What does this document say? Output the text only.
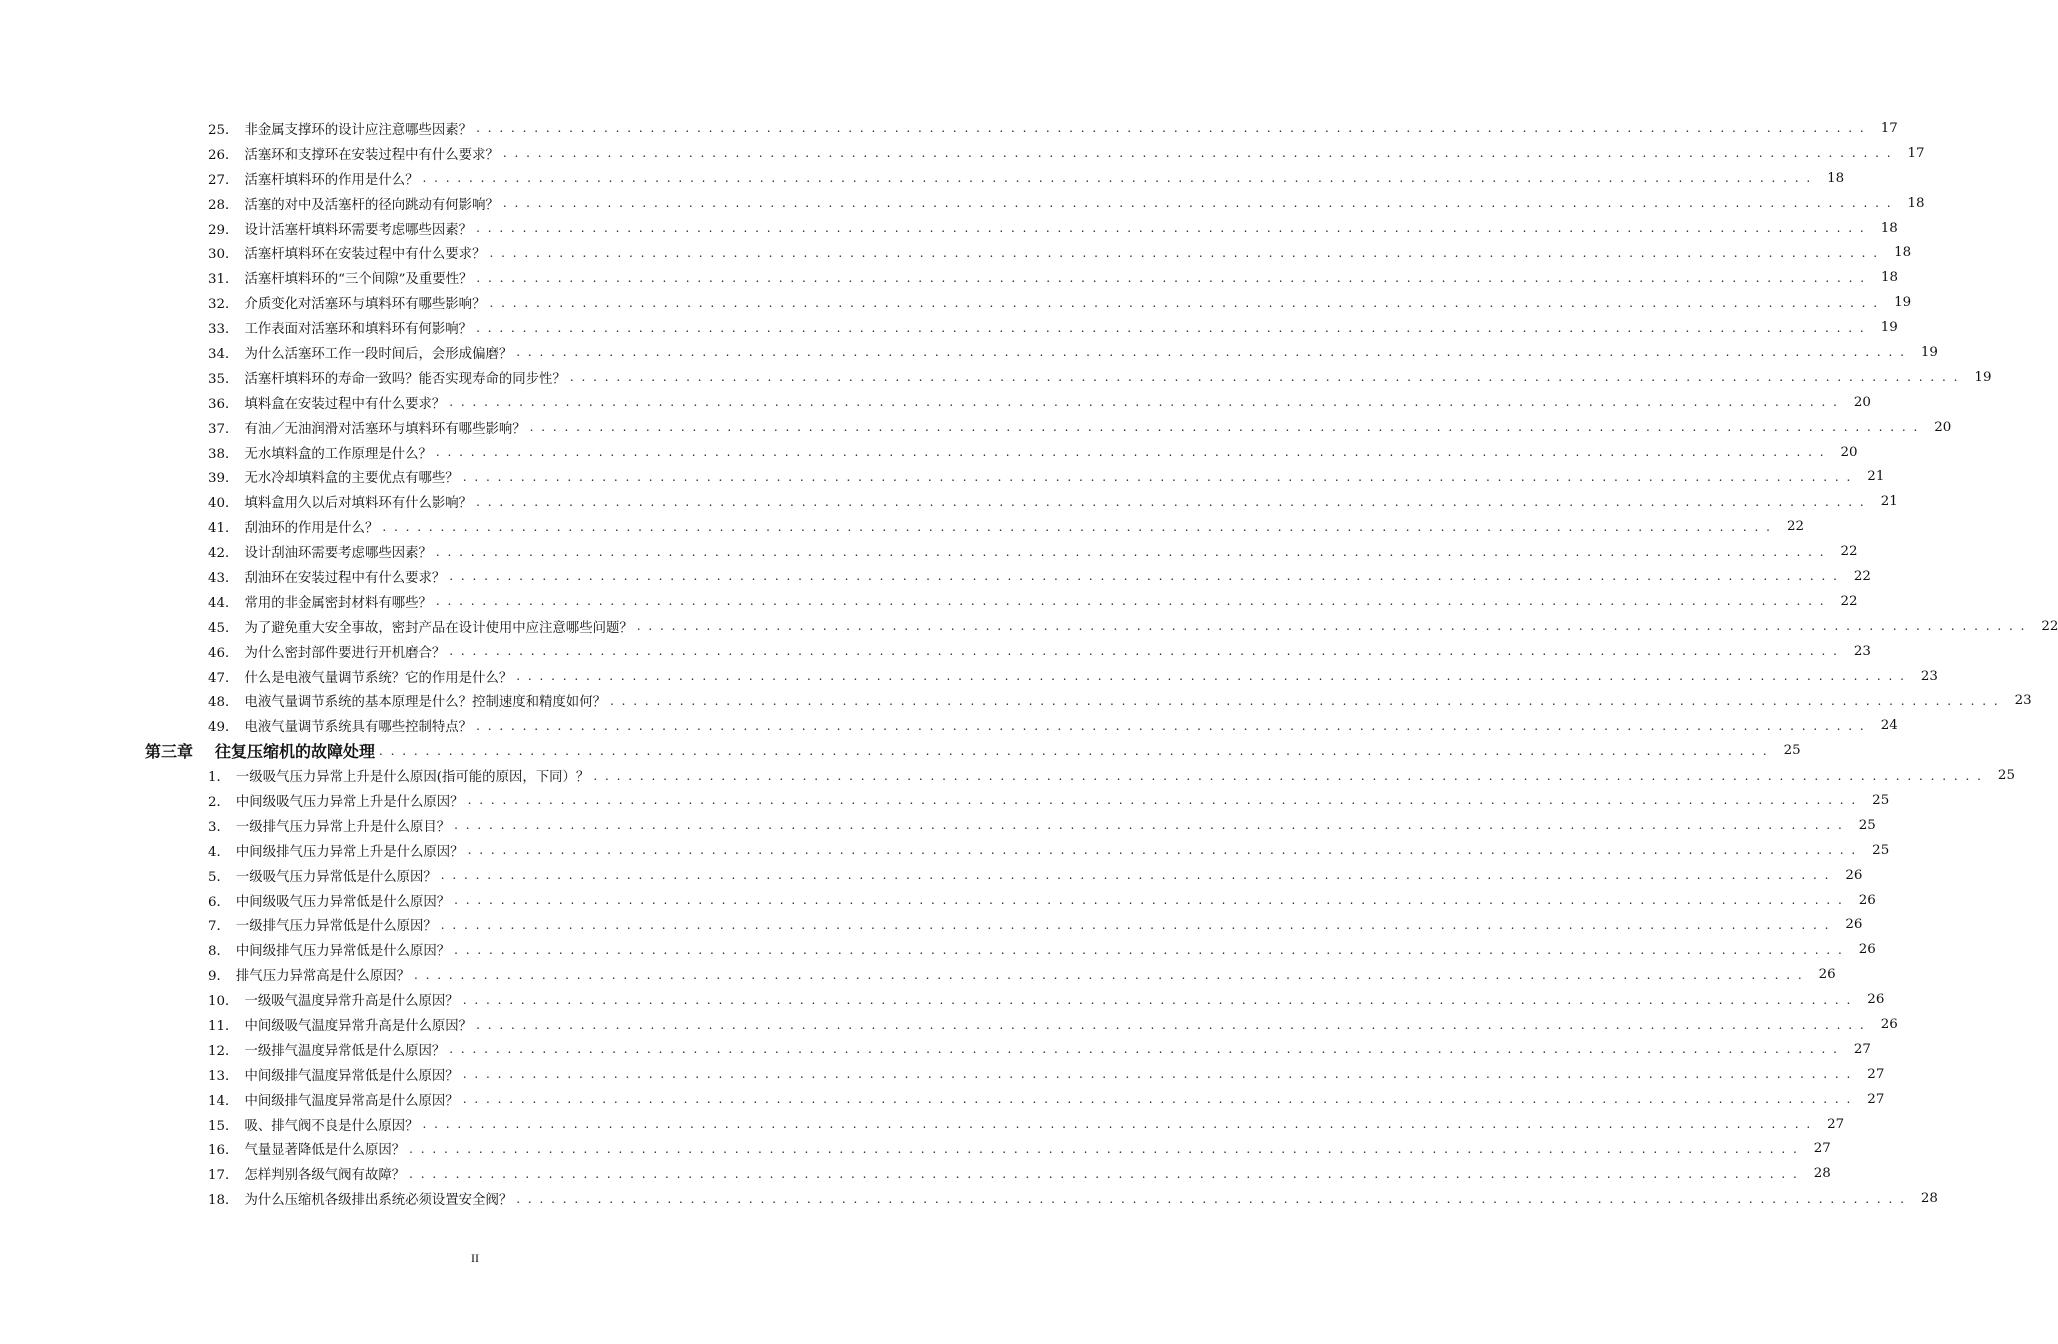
25． 非金属支撑环的设计应注意哪些因素？ . . . . . . . . . . . . . . . . . . . . . . . . . . . . . . . . . . . . . . . . . . . . . . . . . . . . . . . . . . . . . . . . . . . . . . . . . . . . . . . . . . . . . . . . . . . . . . . . . . . . . . . . . . . . . . . . . . . . . . . .	17
26． 活塞环和支撑环在安装过程中有什么要求？ . . . . . . . . . . . . . . . . . . . . . . . . . . . . . . . . . . . . . . . . . . . . . . . . . . . . . . . . . . . . . . . . . . . . . . . . . . . . . . . . . . . . . . . . . . . . . . . . . . . . . . . . . . . . . . . . . . . . . . . .	17
27． 活塞杆填料环的作用是什么？ . . . . . . . . . . . . . . . . . . . . . . . . . . . . . . . . . . . . . . . . . . . . . . . . . . . . . . . . . . . . . . . . . . . . . . . . . . . . . . . . . . . . . . . . . . . . . . . . . . . . . . . . . . . . . . . . . . . . . . . .	18
28． 活塞的对中及活塞杆的径向跳动有何影响？ . . . . . . . . . . . . . . . . . . . . . . . . . . . . . . . . . . . . . . . . . . . . . . . . . . . . . . . . . . . . . . . . . . . . . . . . . . . . . . . . . . . . . . . . . . . . . . . . . . . . . . . . . . . . . . . . . . . . . . . .	18
29． 设计活塞杆填料环需要考虑哪些因素？ . . . . . . . . . . . . . . . . . . . . . . . . . . . . . . . . . . . . . . . . . . . . . . . . . . . . . . . . . . . . . . . . . . . . . . . . . . . . . . . . . . . . . . . . . . . . . . . . . . . . . . . . . . . . . . . . . . . . . . . .	18
30． 活塞杆填料环在安装过程中有什么要求？ . . . . . . . . . . . . . . . . . . . . . . . . . . . . . . . . . . . . . . . . . . . . . . . . . . . . . . . . . . . . . . . . . . . . . . . . . . . . . . . . . . . . . . . . . . . . . . . . . . . . . . . . . . . . . . . . . . . . . . . .	18
31． 活塞杆填料环的“三个间隙”及重要性？ . . . . . . . . . . . . . . . . . . . . . . . . . . . . . . . . . . . . . . . . . . . . . . . . . . . . . . . . . . . . . . . . . . . . . . . . . . . . . . . . . . . . . . . . . . . . . . . . . . . . . . . . . . . . . . . . . . . . . . . .	18
32． 介质变化对活塞环与填料环有哪些影响？ . . . . . . . . . . . . . . . . . . . . . . . . . . . . . . . . . . . . . . . . . . . . . . . . . . . . . . . . . . . . . . . . . . . . . . . . . . . . . . . . . . . . . . . . . . . . . . . . . . . . . . . . . . . . . . . . . . . . . . . .	19
33． 工作表面对活塞环和填料环有何影响？ . . . . . . . . . . . . . . . . . . . . . . . . . . . . . . . . . . . . . . . . . . . . . . . . . . . . . . . . . . . . . . . . . . . . . . . . . . . . . . . . . . . . . . . . . . . . . . . . . . . . . . . . . . . . . . . . . . . . . . . .	19
34． 为什么活塞环工作一段时间后，会形成偏磨？ . . . . . . . . . . . . . . . . . . . . . . . . . . . . . . . . . . . . . . . . . . . . . . . . . . . . . . . . . . . . . . . . . . . . . . . . . . . . . . . . . . . . . . . . . . . . . . . . . . . . . . . . . . . . . . . . . . . . . . . .	19
35． 活塞杆填料环的寿命一致吗？能否实现寿命的同步性？ . . . . . . . . . . . . . . . . . . . . . . . . . . . . . . . . . . . . . . . . . . . . . . . . . . . . . . . . . . . . . . . . . . . . . . . . . . . . . . . . . . . . . . . . . . . . . . . . . . . . . . . . . . . . . . . . . . . . . . . .	19
36． 填料盒在安装过程中有什么要求？ . . . . . . . . . . . . . . . . . . . . . . . . . . . . . . . . . . . . . . . . . . . . . . . . . . . . . . . . . . . . . . . . . . . . . . . . . . . . . . . . . . . . . . . . . . . . . . . . . . . . . . . . . . . . . . . . . . . . . . . .	20
37． 有油／无油润滑对活塞环与填料环有哪些影响？ . . . . . . . . . . . . . . . . . . . . . . . . . . . . . . . . . . . . . . . . . . . . . . . . . . . . . . . . . . . . . . . . . . . . . . . . . . . . . . . . . . . . . . . . . . . . . . . . . . . . . . . . . . . . . . . . . . . . . . . .	20
38． 无水填料盒的工作原理是什么？ . . . . . . . . . . . . . . . . . . . . . . . . . . . . . . . . . . . . . . . . . . . . . . . . . . . . . . . . . . . . . . . . . . . . . . . . . . . . . . . . . . . . . . . . . . . . . . . . . . . . . . . . . . . . . . . . . . . . . . . .	20
39． 无水冷却填料盒的主要优点有哪些？ . . . . . . . . . . . . . . . . . . . . . . . . . . . . . . . . . . . . . . . . . . . . . . . . . . . . . . . . . . . . . . . . . . . . . . . . . . . . . . . . . . . . . . . . . . . . . . . . . . . . . . . . . . . . . . . . . . . . . . . .	21
40． 填料盒用久以后对填料环有什么影响？ . . . . . . . . . . . . . . . . . . . . . . . . . . . . . . . . . . . . . . . . . . . . . . . . . . . . . . . . . . . . . . . . . . . . . . . . . . . . . . . . . . . . . . . . . . . . . . . . . . . . . . . . . . . . . . . . . . . . . . . .	21
41． 刮油环的作用是什么？ . . . . . . . . . . . . . . . . . . . . . . . . . . . . . . . . . . . . . . . . . . . . . . . . . . . . . . . . . . . . . . . . . . . . . . . . . . . . . . . . . . . . . . . . . . . . . . . . . . . . . . . . . . . . . . . . . . . . . . . .	22
42． 设计刮油环需要考虑哪些因素？ . . . . . . . . . . . . . . . . . . . . . . . . . . . . . . . . . . . . . . . . . . . . . . . . . . . . . . . . . . . . . . . . . . . . . . . . . . . . . . . . . . . . . . . . . . . . . . . . . . . . . . . . . . . . . . . . . . . . . . . .	22
43． 刮油环在安装过程中有什么要求？ . . . . . . . . . . . . . . . . . . . . . . . . . . . . . . . . . . . . . . . . . . . . . . . . . . . . . . . . . . . . . . . . . . . . . . . . . . . . . . . . . . . . . . . . . . . . . . . . . . . . . . . . . . . . . . . . . . . . . . . .	22
44． 常用的非金属密封材料有哪些？ . . . . . . . . . . . . . . . . . . . . . . . . . . . . . . . . . . . . . . . . . . . . . . . . . . . . . . . . . . . . . . . . . . . . . . . . . . . . . . . . . . . . . . . . . . . . . . . . . . . . . . . . . . . . . . . . . . . . . . . .	22
45． 为了避免重大安全事故，密封产品在设计使用中应注意哪些问题？ . . . . . . . . . . . . . . . . . . . . . . . . . . . . . . . . . . . . . . . . . . . . . . . . . . . . . . . . . . . . . . . . . . . . . . . . . . . . . . . . . . . . . . . . . . . . . . . . . . . . . . . . . . . . . . . . . . . . . . . .	22
46． 为什么密封部件要进行开机磨合？ . . . . . . . . . . . . . . . . . . . . . . . . . . . . . . . . . . . . . . . . . . . . . . . . . . . . . . . . . . . . . . . . . . . . . . . . . . . . . . . . . . . . . . . . . . . . . . . . . . . . . . . . . . . . . . . . . . . . . . . .	23
47． 什么是电液气量调节系统？它的作用是什么？ . . . . . . . . . . . . . . . . . . . . . . . . . . . . . . . . . . . . . . . . . . . . . . . . . . . . . . . . . . . . . . . . . . . . . . . . . . . . . . . . . . . . . . . . . . . . . . . . . . . . . . . . . . . . . . . . . . . . . . . .	23
48． 电液气量调节系统的基本原理是什么？控制速度和精度如何？ . . . . . . . . . . . . . . . . . . . . . . . . . . . . . . . . . . . . . . . . . . . . . . . . . . . . . . . . . . . . . . . . . . . . . . . . . . . . . . . . . . . . . . . . . . . . . . . . . . . . . . . . . . . . . . . . . . . . . . . .	23
49． 电液气量调节系统具有哪些控制特点？ . . . . . . . . . . . . . . . . . . . . . . . . . . . . . . . . . . . . . . . . . . . . . . . . . . . . . . . . . . . . . . . . . . . . . . . . . . . . . . . . . . . . . . . . . . . . . . . . . . . . . . . . . . . . . . . . . . . . . . . .	24
第三章	往复压缩机的故障处理 . . . . . . . . . . . . . . . . . . . . . . . . . . . . . . . . . . . . . . . . . . . . . . . . . . . . . . . . . . . . . . . . . . . . . . . . . . . . . . . . . . . . . . . . . . . . . . . . . . . . . . . . . . . . . . . . . . . . . . . .	25
1． 一级吸气压力异常上升是什么原因(指可能的原因，下同）？ . . . . . . . . . . . . . . . . . . . . . . . . . . . . . . . . . . . . . . . . . . . . . . . . . . . . . . . . . . . . . . . . . . . . . . . . . . . . . . . . . . . . . . . . . . . . . . . . . . . . . . . . . . . . . . . . . . . . . . . .	25
2． 中间级吸气压力异常上升是什么原因？ . . . . . . . . . . . . . . . . . . . . . . . . . . . . . . . . . . . . . . . . . . . . . . . . . . . . . . . . . . . . . . . . . . . . . . . . . . . . . . . . . . . . . . . . . . . . . . . . . . . . . . . . . . . . . . . . . . . . . . . .	25
3． 一级排气压力异常上升是什么原目？ . . . . . . . . . . . . . . . . . . . . . . . . . . . . . . . . . . . . . . . . . . . . . . . . . . . . . . . . . . . . . . . . . . . . . . . . . . . . . . . . . . . . . . . . . . . . . . . . . . . . . . . . . . . . . . . . . . . . . . . .	25
4． 中间级排气压力异常上升是什么原因？ . . . . . . . . . . . . . . . . . . . . . . . . . . . . . . . . . . . . . . . . . . . . . . . . . . . . . . . . . . . . . . . . . . . . . . . . . . . . . . . . . . . . . . . . . . . . . . . . . . . . . . . . . . . . . . . . . . . . . . . .	25
5． 一级吸气压力异常低是什么原因？ . . . . . . . . . . . . . . . . . . . . . . . . . . . . . . . . . . . . . . . . . . . . . . . . . . . . . . . . . . . . . . . . . . . . . . . . . . . . . . . . . . . . . . . . . . . . . . . . . . . . . . . . . . . . . . . . . . . . . . . .	26
6． 中间级吸气压力异常低是什么原因？ . . . . . . . . . . . . . . . . . . . . . . . . . . . . . . . . . . . . . . . . . . . . . . . . . . . . . . . . . . . . . . . . . . . . . . . . . . . . . . . . . . . . . . . . . . . . . . . . . . . . . . . . . . . . . . . . . . . . . . . .	26
7． 一级排气压力异常低是什么原因？ . . . . . . . . . . . . . . . . . . . . . . . . . . . . . . . . . . . . . . . . . . . . . . . . . . . . . . . . . . . . . . . . . . . . . . . . . . . . . . . . . . . . . . . . . . . . . . . . . . . . . . . . . . . . . . . . . . . . . . . .	26
8． 中间级排气压力异常低是什么原因？ . . . . . . . . . . . . . . . . . . . . . . . . . . . . . . . . . . . . . . . . . . . . . . . . . . . . . . . . . . . . . . . . . . . . . . . . . . . . . . . . . . . . . . . . . . . . . . . . . . . . . . . . . . . . . . . . . . . . . . . .	26
9． 排气压力异常高是什么原因？ . . . . . . . . . . . . . . . . . . . . . . . . . . . . . . . . . . . . . . . . . . . . . . . . . . . . . . . . . . . . . . . . . . . . . . . . . . . . . . . . . . . . . . . . . . . . . . . . . . . . . . . . . . . . . . . . . . . . . . . .	26
10． 一级吸气温度异常升高是什么原因？ . . . . . . . . . . . . . . . . . . . . . . . . . . . . . . . . . . . . . . . . . . . . . . . . . . . . . . . . . . . . . . . . . . . . . . . . . . . . . . . . . . . . . . . . . . . . . . . . . . . . . . . . . . . . . . . . . . . . . . . .	26
11． 中间级吸气温度异常升高是什么原因？ . . . . . . . . . . . . . . . . . . . . . . . . . . . . . . . . . . . . . . . . . . . . . . . . . . . . . . . . . . . . . . . . . . . . . . . . . . . . . . . . . . . . . . . . . . . . . . . . . . . . . . . . . . . . . . . . . . . . . . . .	26
12． 一级排气温度异常低是什么原因？ . . . . . . . . . . . . . . . . . . . . . . . . . . . . . . . . . . . . . . . . . . . . . . . . . . . . . . . . . . . . . . . . . . . . . . . . . . . . . . . . . . . . . . . . . . . . . . . . . . . . . . . . . . . . . . . . . . . . . . . .	27
13． 中间级排气温度异常低是什么原因？ . . . . . . . . . . . . . . . . . . . . . . . . . . . . . . . . . . . . . . . . . . . . . . . . . . . . . . . . . . . . . . . . . . . . . . . . . . . . . . . . . . . . . . . . . . . . . . . . . . . . . . . . . . . . . . . . . . . . . . . .	27
14． 中间级排气温度异常高是什么原因？ . . . . . . . . . . . . . . . . . . . . . . . . . . . . . . . . . . . . . . . . . . . . . . . . . . . . . . . . . . . . . . . . . . . . . . . . . . . . . . . . . . . . . . . . . . . . . . . . . . . . . . . . . . . . . . . . . . . . . . . .	27
15． 吸、排气阀不良是什么原因？ . . . . . . . . . . . . . . . . . . . . . . . . . . . . . . . . . . . . . . . . . . . . . . . . . . . . . . . . . . . . . . . . . . . . . . . . . . . . . . . . . . . . . . . . . . . . . . . . . . . . . . . . . . . . . . . . . . . . . . . .	27
16． 气量显著降低是什么原因？ . . . . . . . . . . . . . . . . . . . . . . . . . . . . . . . . . . . . . . . . . . . . . . . . . . . . . . . . . . . . . . . . . . . . . . . . . . . . . . . . . . . . . . . . . . . . . . . . . . . . . . . . . . . . . . . . . . . . . . . .	27
17． 怎样判别各级气阀有故障？ . . . . . . . . . . . . . . . . . . . . . . . . . . . . . . . . . . . . . . . . . . . . . . . . . . . . . . . . . . . . . . . . . . . . . . . . . . . . . . . . . . . . . . . . . . . . . . . . . . . . . . . . . . . . . . . . . . . . . . . .	28
18． 为什么压缩机各级排出系统必须设置安全阀？ . . . . . . . . . . . . . . . . . . . . . . . . . . . . . . . . . . . . . . . . . . . . . . . . . . . . . . . . . . . . . . . . . . . . . . . . . . . . . . . . . . . . . . . . . . . . . . . . . . . . . . . . . . . . . . . . . . . . . . . .	28
II
